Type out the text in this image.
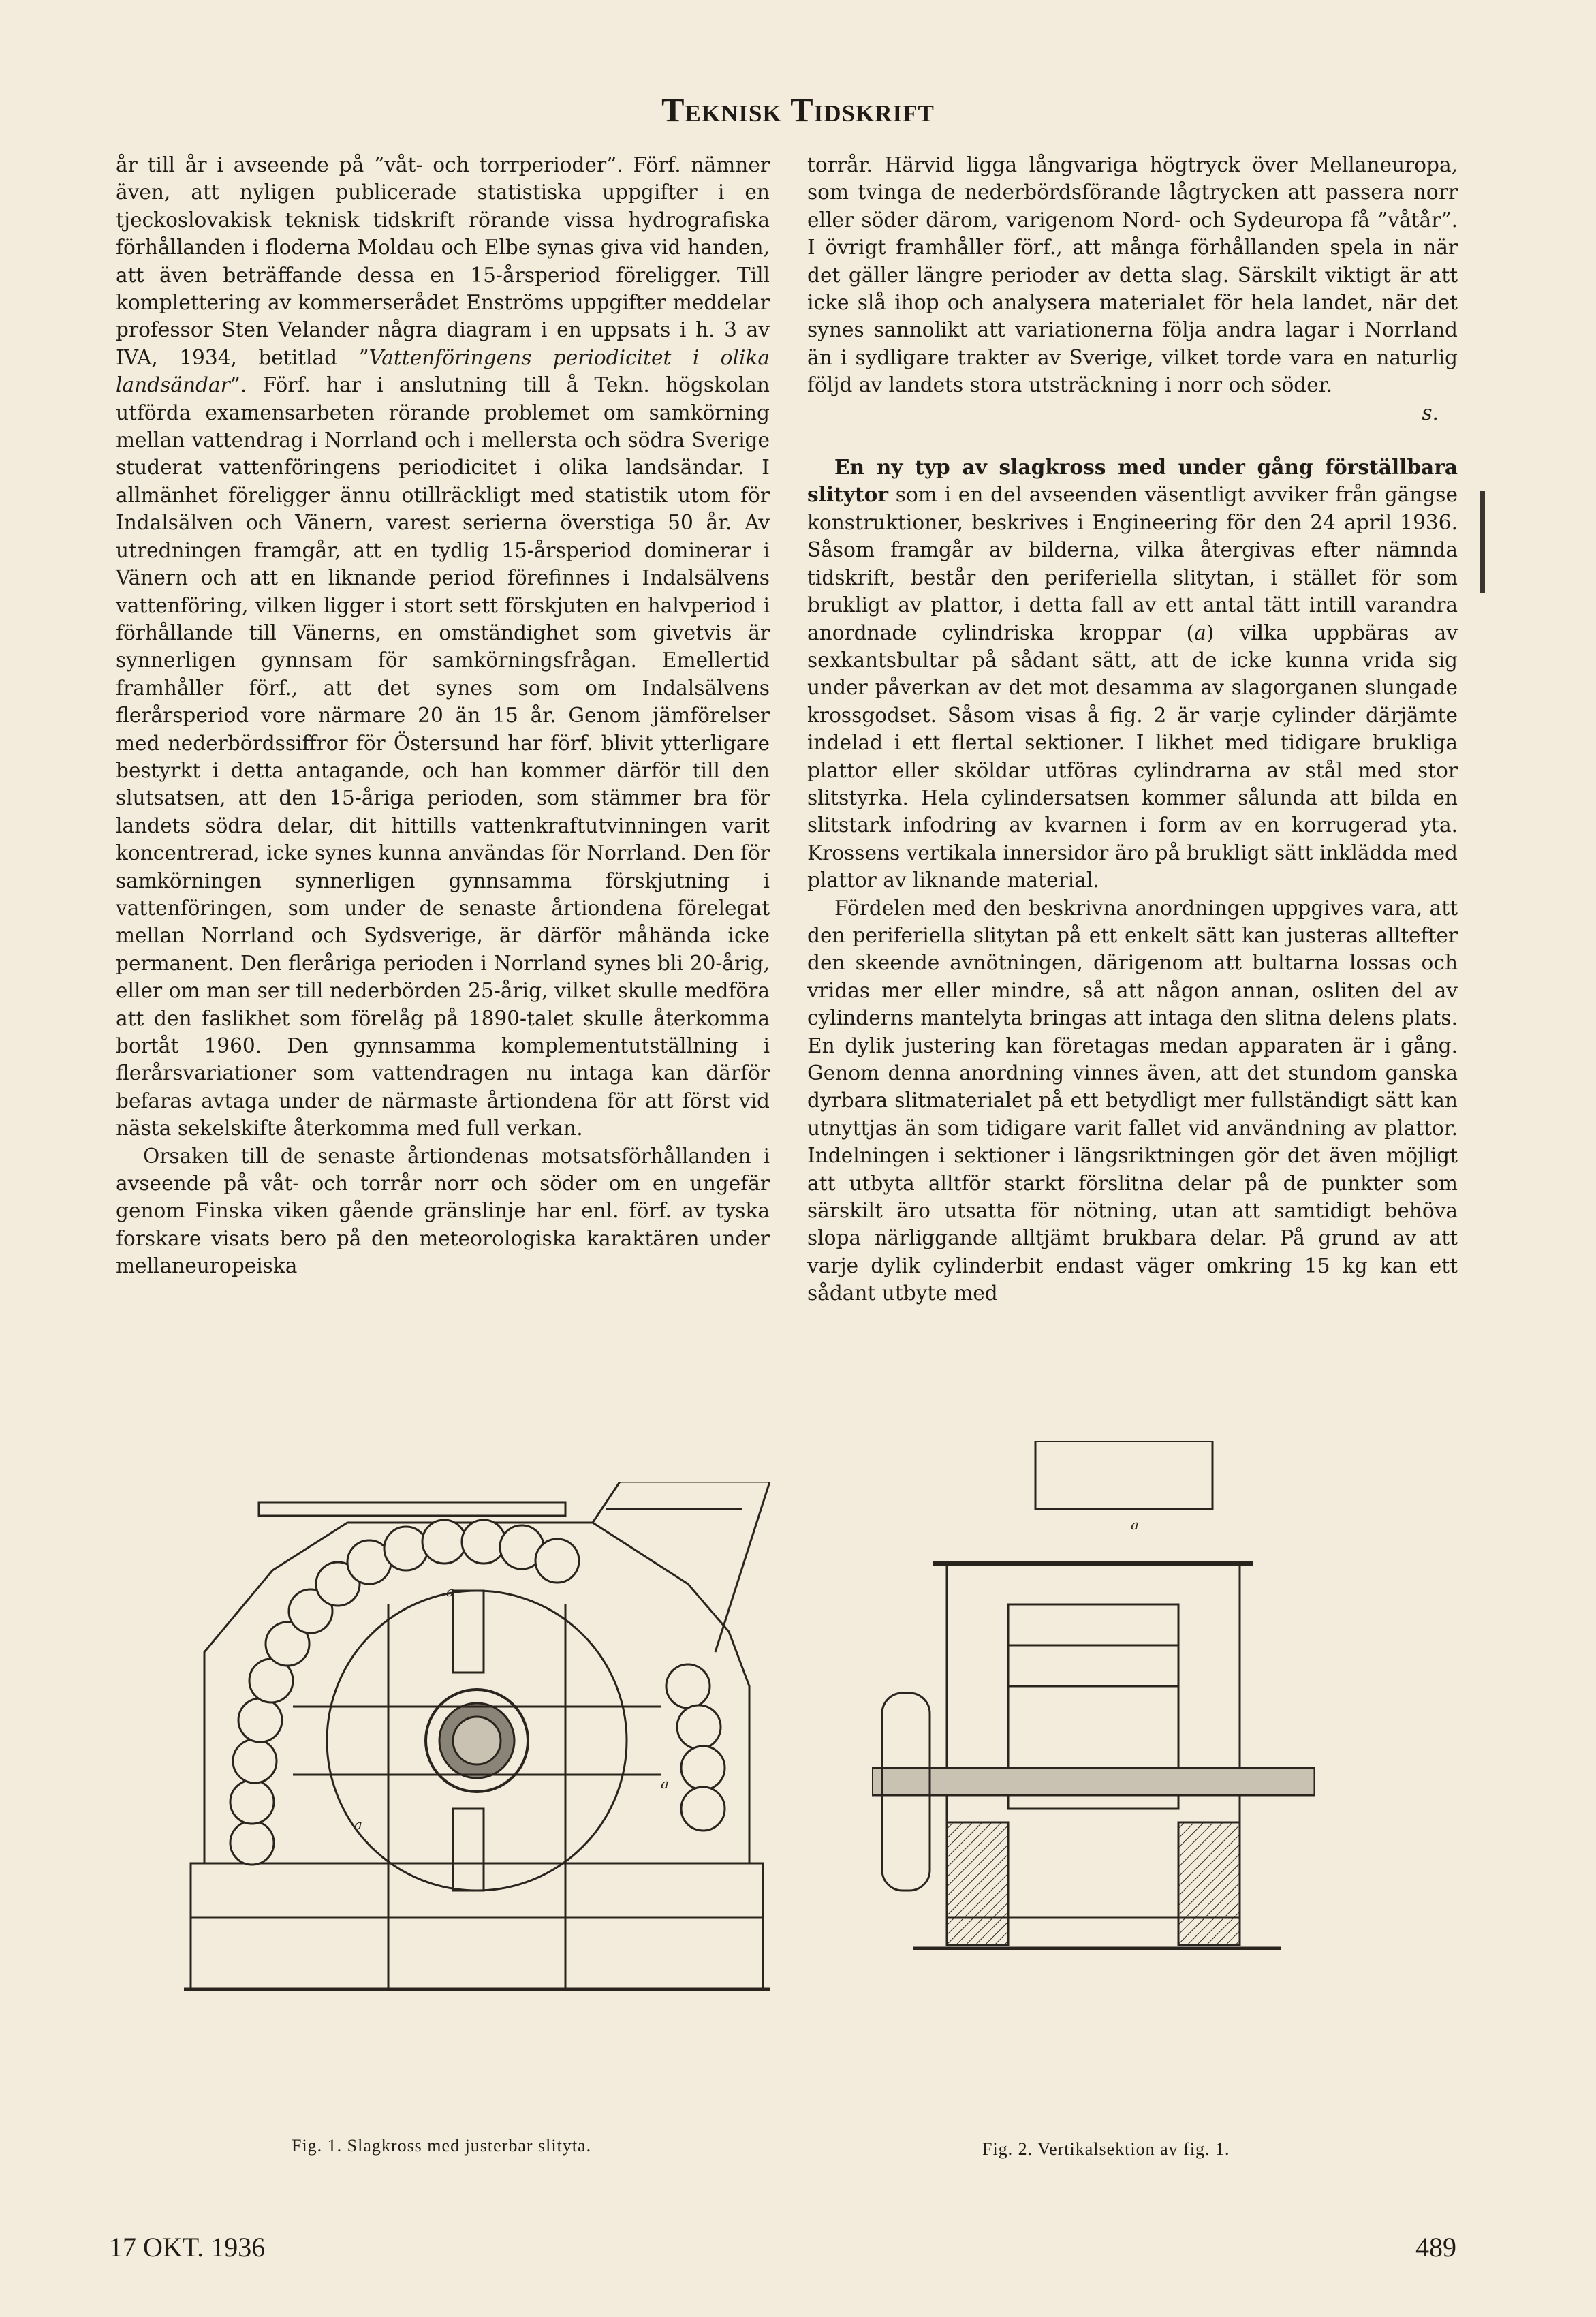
Teknisk Tidskrift

år till år i avseende på ”våt- och torrperioder”. Förf. nämner även, att nyligen publicerade statistiska uppgifter i en tjeckoslovakisk teknisk tidskrift rörande vissa hydrografiska förhållanden i floderna Moldau och Elbe synas giva vid handen, att även beträffande dessa en 15-årsperiod föreligger. Till komplettering av kommerserådet Enströms uppgifter meddelar professor Sten Velander några diagram i en uppsats i h. 3 av IVA, 1934, betitlad ”Vattenföringens periodicitet i olika landsändar”. Förf. har i anslutning till å Tekn. högskolan utförda examensarbeten rörande problemet om samkörning mellan vattendrag i Norrland och i mellersta och södra Sverige studerat vattenföringens periodicitet i olika landsändar. I allmänhet föreligger ännu otillräckligt med statistik utom för Indalsälven och Vänern, varest serierna överstiga 50 år. Av utredningen framgår, att en tydlig 15-årsperiod dominerar i Vänern och att en liknande period förefinnes i Indalsälvens vattenföring, vilken ligger i stort sett förskjuten en halvperiod i förhållande till Vänerns, en omständighet som givetvis är synnerligen gynnsam för samkörningsfrågan. Emellertid framhåller förf., att det synes som om Indalsälvens flerårsperiod vore närmare 20 än 15 år. Genom jämförelser med nederbördssiffror för Östersund har förf. blivit ytterligare bestyrkt i detta antagande, och han kommer därför till den slutsatsen, att den 15-åriga perioden, som stämmer bra för landets södra delar, dit hittills vattenkraftutvinningen varit koncentrerad, icke synes kunna användas för Norrland. Den för samkörningen synnerligen gynnsamma förskjutning i vattenföringen, som under de senaste årtiondena förelegat mellan Norrland och Sydsverige, är därför måhända icke permanent. Den fleråriga perioden i Norrland synes bli 20-årig, eller om man ser till nederbörden 25-årig, vilket skulle medföra att den faslikhet som förelåg på 1890-talet skulle återkomma bortåt 1960. Den gynnsamma komplementutställning i flerårsvariationer som vattendragen nu intaga kan därför befaras avtaga under de närmaste årtiondena för att först vid nästa sekelskifte återkomma med full verkan.

Orsaken till de senaste årtiondenas motsatsförhållanden i avseende på våt- och torrår norr och söder om en ungefär genom Finska viken gående gränslinje har enl. förf. av tyska forskare visats bero på den meteorologiska karaktären under mellaneuropeiska

torrår. Härvid ligga långvariga högtryck över Mellaneuropa, som tvinga de nederbördsförande lågtrycken att passera norr eller söder därom, varigenom Nord- och Sydeuropa få ”våtår”. I övrigt framhåller förf., att många förhållanden spela in när det gäller längre perioder av detta slag. Särskilt viktigt är att icke slå ihop och analysera materialet för hela landet, när det synes sannolikt att variationerna följa andra lagar i Norrland än i sydligare trakter av Sverige, vilket torde vara en naturlig följd av landets stora utsträckning i norr och söder.
s.

En ny typ av slagkross med under gång förställbara slitytor som i en del avseenden väsentligt avviker från gängse konstruktioner, beskrives i Engineering för den 24 april 1936. Såsom framgår av bilderna, vilka återgivas efter nämnda tidskrift, består den periferiella slitytan, i stället för som brukligt av plattor, i detta fall av ett antal tätt intill varandra anordnade cylindriska kroppar (a) vilka uppbäras av sexkantsbultar på sådant sätt, att de icke kunna vrida sig under påverkan av det mot desamma av slagorganen slungade krossgodset. Såsom visas å fig. 2 är varje cylinder därjämte indelad i ett flertal sektioner. I likhet med tidigare brukliga plattor eller sköldar utföras cylindrarna av stål med stor slitstyrka. Hela cylindersatsen kommer sålunda att bilda en slitstark infodring av kvarnen i form av en korrugerad yta. Krossens vertikala innersidor äro på brukligt sätt inklädda med plattor av liknande material.

Fördelen med den beskrivna anordningen uppgives vara, att den periferiella slitytan på ett enkelt sätt kan justeras alltefter den skeende avnötningen, därigenom att bultarna lossas och vridas mer eller mindre, så att någon annan, osliten del av cylinderns mantelyta bringas att intaga den slitna delens plats. En dylik justering kan företagas medan apparaten är i gång. Genom denna anordning vinnes även, att det stundom ganska dyrbara slitmaterialet på ett betydligt mer fullständigt sätt kan utnyttjas än som tidigare varit fallet vid användning av plattor. Indelningen i sektioner i längsriktningen gör det även möjligt att utbyta alltför starkt förslitna delar på de punkter som särskilt äro utsatta för nötning, utan att samtidigt behöva slopa närliggande alltjämt brukbara delar. På grund av att varje dylik cylinderbit endast väger omkring 15 kg kan ett sådant utbyte med

a
a
a
a
Fig. 1. Slagkross med justerbar slityta.	Fig. 2. Vertikalsektion av fig. 1.
17 OKT. 1936	489
